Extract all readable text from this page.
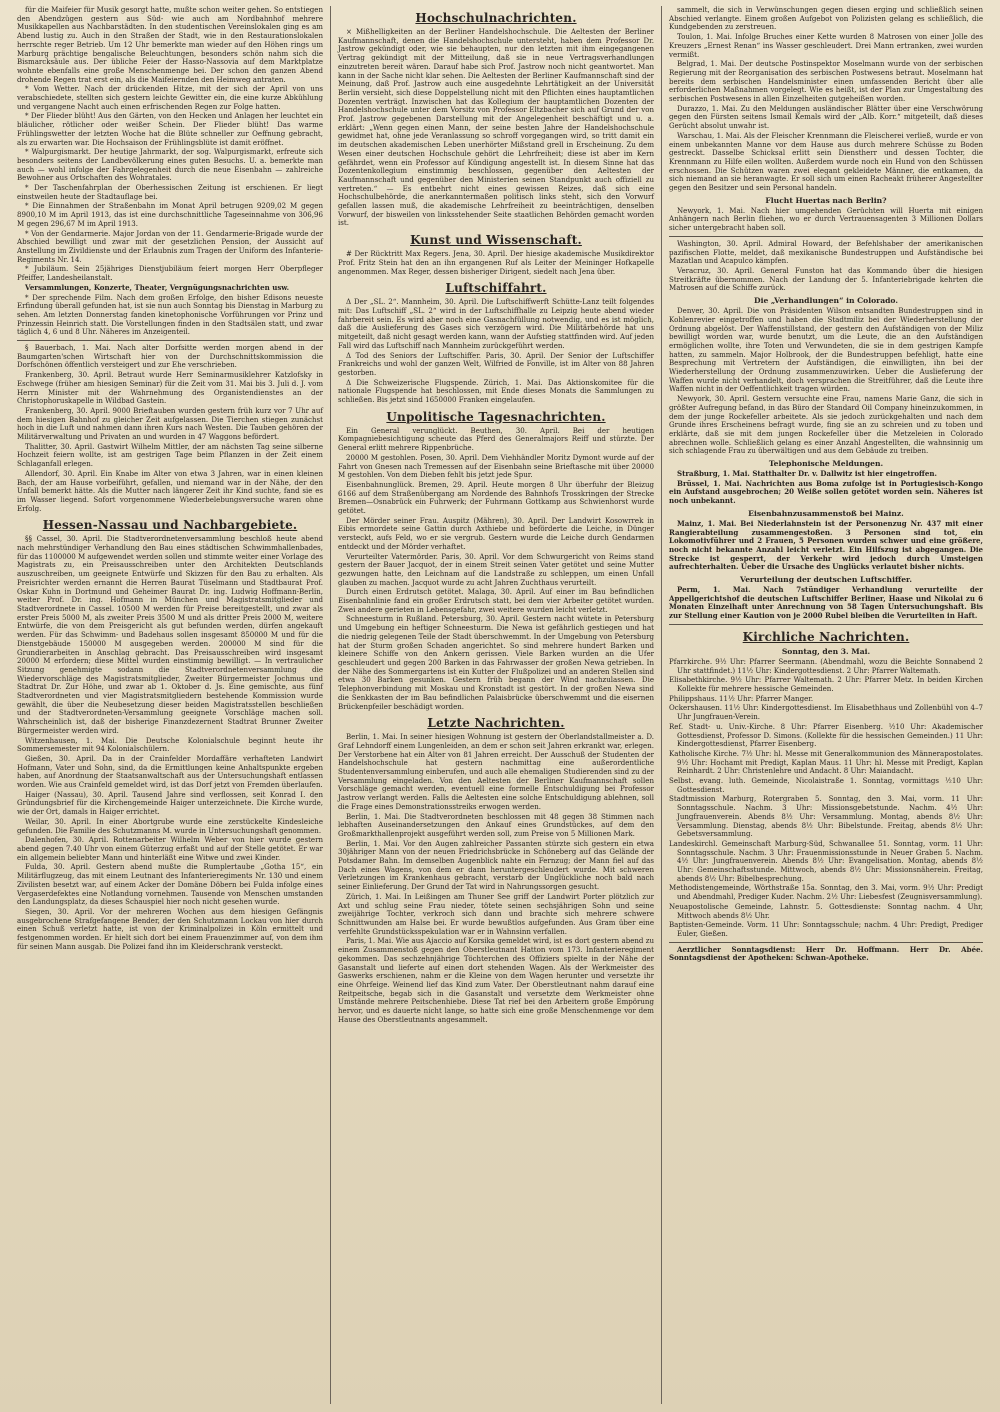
für die Maifeier für Musik gesorgt hatte, mußte schon weiter gehen. So entstiegen den Abendzügen gestern aus Süd- wie auch am Nordbahnhof mehrere Musikkapellen aus Nachbarstädten. In den studentischen Vereinslokalen ging es am Abend lustig zu. Auch in den Straßen der Stadt, wie in den Restaurationslokalen herrschte reger Betrieb. Um 12 Uhr bemerkte man wieder auf den Höhen rings um Marburg prächtige bengalische Beleuchtungen, besonders schön nahm sich die Bismarcksäule aus. Der übliche Feier der Hasso-Nassovia auf dem Marktplatze wohnte ebenfalls eine große Menschenmenge bei. Der schon den ganzen Abend drohende Regen trat erst ein, als die Maifeiernden den Heimweg antraten.

* Vom Wetter. Nach der drückenden Hitze, mit der sich der April von uns verabschiedete, stellten sich gestern leichte Gewitter ein, die eine kurze Abkühlung und vergangene Nacht auch einen erfrischenden Regen zur Folge hatten.

* Der Flieder blüht! Aus den Gärten, von den Hecken und Anlagen her leuchtet ein bläulicher, rötlicher oder weißer Schein. Der Flieder blüht! Das warme Frühlingswetter der letzten Woche hat die Blüte schneller zur Oeffnung gebracht, als zu erwarten war. Die Hochsaison der Frühlingsblüte ist damit eröffnet.

* Walpurgismarkt. Der heutige Jahrmarkt, der sog. Walpurgismarkt, erfreute sich besonders seitens der Landbevölkerung eines guten Besuchs. U. a. bemerkte man auch — wohl infolge der Fahrgelegenheit durch die neue Eisenbahn — zahlreiche Bewohner aus Ortschaften des Wohratales.

* Der Taschenfahrplan der Oberhessischen Zeitung ist erschienen. Er liegt einstweilen heute der Stadtauflage bei.

* Die Einnahmen der Straßenbahn im Monat April betrugen 9209,02 M gegen 8900,10 M im April 1913, das ist eine durchschnittliche Tageseinnahme von 306,96 M gegen 296,67 M im April 1913.

* Von der Gendarmerie. Major Jordan von der 11. Gendarmerie-Brigade wurde der Abschied bewilligt und zwar mit der gesetzlichen Pension, der Aussicht auf Anstellung im Zivildienste und der Erlaubnis zum Tragen der Uniform des Infanterie-Regiments Nr. 14.

* Jubiläum. Sein 25jähriges Dienstjubiläum feiert morgen Herr Oberpfleger Pfeiffer, Landesheilanstalt.

Versammlungen, Konzerte, Theater, Vergnügungsnachrichten usw.

* Der sprechende Film. Nach dem großen Erfolge, den bisher Edisons neueste Erfindung überall gefunden hat, ist sie nun auch Sonntag bis Dienstag in Marburg zu sehen. Am letzten Donnerstag fanden kinetophonische Vorführungen vor Prinz und Prinzessin Heinrich statt. Die Vorstellungen finden in den Stadtsälen statt, und zwar täglich 4, 6 und 8 Uhr. Näheres im Anzeigenteil.

§ Bauerbach, 1. Mai. Nach alter Dorfsitte werden morgen abend in der Baumgarten'schen Wirtschaft hier von der Durchschnittskommission die Dorfschönen öffentlich versteigert und zur Ehe verschrieben.

Frankenberg, 30. April. Betraut wurde Herr Seminarmusiklehrer Katzlofsky in Eschwege (früher am hiesigen Seminar) für die Zeit vom 31. Mai bis 3. Juli d. J. vom Herrn Minister mit der Wahrnehmung des Organistendienstes an der Christophoruskapelle in Wildbad Gastein.

Frankenberg, 30. April. 9000 Brieftauben wurden gestern früh kurz vor 7 Uhr auf dem hiesigen Bahnhof zu gleicher Zeit aufgelassen. Die Tierchen stiegen zunächst hoch in die Luft und nahmen dann ihren Kurs nach Westen. Die Tauben gehören der Militärverwaltung und Privaten an und wurden in 47 Waggons befördert.

Thalitter, 30. April. Gastwirt Wilhelm Mittler, der am nächsten Tag seine silberne Hochzeit feiern wollte, ist am gestrigen Tage beim Pflanzen in der Zeit einem Schlaganfall erlegen.

Allendorf, 30. April. Ein Knabe im Alter von etwa 3 Jahren, war in einen kleinen Bach, der am Hause vorbeiführt, gefallen, und niemand war in der Nähe, der den Unfall bemerkt hätte. Als die Mutter nach längerer Zeit ihr Kind suchte, fand sie es im Wasser liegend. Sofort vorgenommene Wiederbelebungsversuche waren ohne Erfolg.

Hessen-Nassau und Nachbargebiete.

§§ Cassel, 30. April. Die Stadtverordnetenversammlung beschloß heute abend nach mehrstündiger Verhandlung den Bau eines städtischen Schwimmhallenbades, für das 1100000 M aufgewendet werden sollen und stimmte weiter einer Vorlage des Magistrats zu, ein Preisausschreiben unter den Architekten Deutschlands auszuschreiben, um geeignete Entwürfe und Skizzen für den Bau zu erhalten. Als Preisrichter werden ernannt die Herren Baurat Tüselmann und Stadtbaurat Prof. Oskar Kuhn in Dortmund und Geheimer Baurat Dr. ing. Ludwig Hoffmann-Berlin, weiter Prof. Dr. ing. Hofmann in München und Magistratsmitglieder und Stadtverordnete in Cassel. 10500 M werden für Preise bereitgestellt, und zwar als erster Preis 5000 M, als zweiter Preis 3500 M und als dritter Preis 2000 M, weitere Entwürfe, die von dem Preisgericht als gut befunden werden, dürfen angekauft werden. Für das Schwimm- und Badehaus sollen insgesamt 850000 M und für die Dienstgebäude 150000 M ausgegeben werden. 200000 M sind für die Grundierarbeiten in Anschlag gebracht. Das Preisausschreiben wird insgesamt 20000 M erfordern; diese Mittel wurden einstimmig bewilligt. — In vertraulicher Sitzung genehmigte sodann die Stadtverordnetenversammlung die Wiedervorschläge des Magistratsmitglieder, Zweiter Bürgermeister Jochmus und Stadtrat Dr. Zur Höhe, und zwar ab 1. Oktober d. Js. Eine gemischte, aus fünf Stadtverordneten und vier Magistratsmitgliedern bestehende Kommission wurde gewählt, die über die Neubesetzung dieser beiden Magistratsstellen beschließen und der Stadtverordneten-Versammlung geeignete Vorschläge machen soll. Wahrscheinlich ist, daß der bisherige Finanzdezernent Stadtrat Brunner Zweiter Bürgermeister werden wird.

Witzenhausen, 1. Mai. Die Deutsche Kolonialschule beginnt heute ihr Sommersemester mit 94 Kolonialschülern.

Gießen, 30. April. Da in der Crainfelder Mordaffäre verhafteten Landwirt Hofmann, Vater und Sohn, sind, da die Ermittlungen keine Anhaltspunkte ergeben haben, auf Anordnung der Staatsanwaltschaft aus der Untersuchungshaft entlassen worden. Wie aus Crainfeld gemeldet wird, ist das Dorf jetzt von Fremden überlaufen.

Haiger (Nassau), 30. April. Tausend Jahre sind verflossen, seit Konrad I. den Gründungsbrief für die Kirchengemeinde Haiger unterzeichnete. Die Kirche wurde, wie der Ort, damals in Haiger errichtet.

Weilar, 30. April. In einer Abortgrube wurde eine zerstückelte Kindesleiche gefunden. Die Familie des Schutzmanns M. wurde in Untersuchungshaft genommen.

Dalenhofen, 30. April. Rottenarbeiter Wilhelm Weber von hier wurde gestern abend gegen 7.40 Uhr von einem Güterzug erfaßt und auf der Stelle getötet. Er war ein allgemein beliebter Mann und hinterläßt eine Witwe und zwei Kinder.

Fulda, 30. April. Gestern abend mußte die Rumplertaube „Gotha 15“, ein Militärflugzeug, das mit einem Leutnant des Infanterieregiments Nr. 130 und einem Zivilisten besetzt war, auf einem Acker der Domäne Döbern bei Fulda infolge eines Vergaserdefektes eine Notlandung vornehmen. Tausende von Menschen umstanden den Landungsplatz, da dieses Schauspiel hier noch nicht gesehen wurde.

Siegen, 30. April. Vor der mehreren Wochen aus dem hiesigen Gefängnis ausgebrochene Strafgefangene Bender, der den Schutzmann Lockau von hier durch einen Schuß verletzt hatte, ist von der Kriminalpolizei in Köln ermittelt und festgenommen worden. Er hielt sich dort bei einem Frauenzimmer auf, von dem ihm für seinen Mann ausgab. Die Polizei fand ihn im Kleiderschrank versteckt.

Hochschulnachrichten.

× Mißhelligkeiten an der Berliner Handelshochschule. Die Aeltesten der Berliner Kaufmannschaft, denen die Handelshochschule untersteht, haben dem Professor Dr. Jastrow gekündigt oder, wie sie behaupten, nur den letzten mit ihm eingegangenen Vertrag gekündigt mit der Mitteilung, daß sie in neue Vertragsverhandlungen einzutreten bereit wären. Darauf habe sich Prof. Jastrow noch nicht geantwortet. Man kann in der Sache nicht klar sehen. Die Aeltesten der Berliner Kaufmannschaft sind der Meinung, daß Prof. Jastrow auch eine ausgedehnte Lehrtätigkeit an der Universität Berlin versieht, sich diese Doppelstellung nicht mit den Pflichten eines hauptamtlichen Dozenten verträgt. Inzwischen hat das Kollegium der hauptamtlichen Dozenten der Handelshochschule unter dem Vorsitz von Professor Eltzbacher sich auf Grund der von Prof. Jastrow gegebenen Darstellung mit der Angelegenheit beschäftigt und u. a. erklärt: „Wenn gegen einen Mann, der seine besten Jahre der Handelshochschule gewidmet hat, ohne jede Veranlassung so schroff vorgegangen wird, so tritt damit ein im deutschen akademischen Leben unerhörter Mißstand grell in Erscheinung. Zu dem Wesen einer deutschen Hochschule gehört die Lehrfreiheit; diese ist aber im Kern gefährdet, wenn ein Professor auf Kündigung angestellt ist. In diesem Sinne hat das Dozentenkollegium einstimmig beschlossen, gegenüber den Aeltesten der Kaufmannschaft und gegenüber den Ministerien seinen Standpunkt auch offiziell zu vertreten.“ — Es entbehrt nicht eines gewissen Reizes, daß sich eine Hochschulbehörde, die anerkanntermaßen politisch links steht, sich den Vorwurf gefallen lassen muß, die akademische Lehrfreiheit zu beeinträchtigen, denselben Vorwurf, der bisweilen von linksstehender Seite staatlichen Behörden gemacht worden ist.

Kunst und Wissenschaft.

# Der Rücktritt Max Regers. Jena, 30. April. Der hiesige akademische Musikdirektor Prof. Fritz Stein hat den an ihn ergangenen Ruf als Leiter der Meininger Hofkapelle angenommen. Max Reger, dessen bisheriger Dirigent, siedelt nach Jena über.

Luftschiffahrt.

Δ Der „SL. 2“. Mannheim, 30. April. Die Luftschiffwerft Schütte-Lanz teilt folgendes mit: Das Luftschiff „SL. 2“ wird in der Luftschiffhalle zu Leipzig heute abend wieder fahrbereit sein. Es wird aber noch eine Gasnachfüllung notwendig, und es ist möglich, daß die Auslieferung des Gases sich verzögern wird. Die Militärbehörde hat uns mitgeteilt, daß nicht gesagt werden kann, wann der Aufstieg stattfinden wird. Auf jeden Fall wird das Luftschiff nach Mannheim zurückgeführt werden.

Δ Tod des Seniors der Luftschiffer. Paris, 30. April. Der Senior der Luftschiffer Frankreichs und wohl der ganzen Welt, Wilfried de Fonville, ist im Alter von 88 Jahren gestorben.

Δ Die Schweizerische Flugspende. Zürich, 1. Mai. Das Aktionskomitee für die nationale Flugspende hat beschlossen, mit Ende dieses Monats die Sammlungen zu schließen. Bis jetzt sind 1650000 Franken eingelaufen.

Unpolitische Tagesnachrichten.

Ein General verunglückt. Beuthen, 30. April. Bei der heutigen Kompagniebesichtigung scheute das Pferd des Generalmajors Reiff und stürzte. Der General erlitt mehrere Rippenbrüche.

20000 M gestohlen. Posen, 30. April. Dem Viehhändler Moritz Dymont wurde auf der Fahrt von Gnesen nach Tremessen auf der Eisenbahn seine Brieftasche mit über 20000 M gestohlen. Von dem Dieben fehlt bis jetzt jede Spur.

Eisenbahnunglück. Bremen, 29. April. Heute morgen 8 Uhr überfuhr der Bleizug 6166 auf dem Straßenübergang am Nordende des Bahnhofs Trosskringen der Strecke Bremen—Osnabrück ein Fuhrwerk; der Fuhrmann Gottkamp aus Schwienhorst wurde getötet.

Der Mörder seiner Frau. Auspitz (Mähren), 30. April. Der Landwirt Kosowrrek in Eibis ermordete seine Gattin durch Axthiebe und beförderte die Leiche, in Dünger versteckt, aufs Feld, wo er sie vergrub. Gestern wurde die Leiche durch Gendarmen entdeckt und der Mörder verhaftet.

Verurteilter Vatermörder. Paris, 30. April. Vor dem Schwurgericht von Reims stand gestern der Bauer Jacquot, der in einem Streit seinen Vater getötet und seine Mutter gezwungen hatte, den Leichnam auf die Landstraße zu schleppen, um einen Unfall glauben zu machen. Jacquot wurde zu acht Jahren Zuchthaus verurteilt.

Durch einen Erdrutsch getötet. Malaga, 30. April. Auf einer im Bau befindlichen Eisenbahnlinie fand ein großer Erdrutsch statt, bei dem vier Arbeiter getötet wurden. Zwei andere gerieten in Lebensgefahr, zwei weitere wurden leicht verletzt.

Schneesturm in Rußland. Petersburg, 30. April. Gestern nacht wütete in Petersburg und Umgebung ein heftiger Schneesturm. Die Newa ist gefährlich gestiegen und hat die niedrig gelegenen Teile der Stadt überschwemmt. In der Umgebung von Petersburg hat der Sturm großen Schaden angerichtet. So sind mehrere hundert Barken und kleinere Schiffe von den Ankern gerissen. Viele Barken wurden an die Ufer geschleudert und gegen 200 Barken in das Fahrwasser der großen Newa getrieben. In der Nähe des Sommergartens ist ein Kutter der Flußpolizei und an anderen Stellen sind etwa 30 Barken gesunken. Gestern früh begann der Wind nachzulassen. Die Telephonverbindung mit Moskau und Kronstadt ist gestört. In der großen Newa sind die Senkkasten der im Bau befindlichen Palaisbrücke überschwemmt und die eisernen Brückenpfeiler beschädigt worden.

Letzte Nachrichten.

Berlin, 1. Mai. In seiner hiesigen Wohnung ist gestern der Oberlandstallmeister a. D. Graf Lehndorff einem Lungenleiden, an dem er schon seit Jahren erkrankt war, erlegen. Der Verstorbene hat ein Alter von 81 Jahren erreicht. Der Ausschuß der Studenten der Handelshochschule hat gestern nachmittag eine außerordentliche Studentenversammlung einberufen, und auch alle ehemaligen Studierenden sind zu der Versammlung eingeladen. Von den Aeltesten der Berliner Kaufmannschaft sollen Vorschläge gemacht werden, eventuell eine formelle Entschuldigung bei Professor Jastrow verlangt werden. Falls die Aeltesten eine solche Entschuldigung ablehnen, soll die Frage eines Demonstrationsstreiks erwogen werden.

Berlin, 1. Mai. Die Stadtverordneten beschlossen mit 48 gegen 38 Stimmen nach lebhaften Auseinandersetzungen den Ankauf eines Grundstückes, auf dem den Großmarkthallenprojekt ausgeführt werden soll, zum Preise von 5 Millionen Mark.

Berlin, 1. Mai. Vor den Augen zahlreicher Passanten stürzte sich gestern ein etwa 30jähriger Mann von der neuen Friedrichsbrücke in Schöneberg auf das Gelände der Potsdamer Bahn. Im demselben Augenblick nahte ein Fernzug; der Mann fiel auf das Dach eines Wagens, von dem er dann heruntergeschleudert wurde. Mit schweren Verletzungen im Krankenhaus gebracht, verstarb der Unglückliche noch bald nach seiner Einlieferung. Der Grund der Tat wird in Nahrungssorgen gesucht.

Zürich, 1. Mai. In Leißingen am Thuner See griff der Landwirt Porter plötzlich zur Axt und schlug seine Frau nieder, tötete seinen sechsjährigen Sohn und seine zweijährige Tochter, verkroch sich dann und brachte sich mehrere schwere Schnittwunden am Halse bei. Er wurde bewußtlos aufgefunden. Aus Gram über eine verfehlte Grundstücksspekulation war er in Wahnsinn verfallen.

Paris, 1. Mai. Wie aus Ajaccio auf Korsika gemeldet wird, ist es dort gestern abend zu einem Zusammenstoß gegen den Oberstleutnant Hatton vom 173. Infanterieregiment gekommen. Das sechzehnjährige Töchterchen des Offiziers spielte in der Nähe der Gasanstalt und lieferte auf einen dort stehenden Wagen. Als der Werkmeister des Gaswerks erschienen, nahm er die Kleine von dem Wagen herunter und versetzte ihr eine Ohrfeige. Weinend lief das Kind zum Vater. Der Oberstleutnant nahm darauf eine Reitpeitsche, begab sich in die Gasanstalt und versetzte dem Werkmeister ohne Umstände mehrere Peitschenhiebe. Diese Tat rief bei den Arbeitern große Empörung hervor, und es dauerte nicht lange, so hatte sich eine große Menschenmenge vor dem Hause des Oberstleutnants angesammelt.

sammelt, die sich in Verwünschungen gegen diesen erging und schließlich seinen Abschied verlangte. Einem großen Aufgebot von Polizisten gelang es schließlich, die Kundgebenden zu zerstreuen.

Toulon, 1. Mai. Infolge Bruches einer Kette wurden 8 Matrosen von einer Jolle des Kreuzers „Ernest Renan“ ins Wasser geschleudert. Drei Mann ertranken, zwei wurden vermißt.

Belgrad, 1. Mai. Der deutsche Postinspektor Moselmann wurde von der serbischen Regierung mit der Reorganisation des serbischen Postwesens betraut. Moselmann hat bereits dem serbischen Handelsminister einen umfassenden Bericht über alle erforderlichen Maßnahmen vorgelegt. Wie es heißt, ist der Plan zur Umgestaltung des serbischen Postwesens in allen Einzelheiten gutgeheißen worden.

Durazzo, 1. Mai. Zu den Meldungen ausländischer Blätter über eine Verschwörung gegen den Fürsten seitens Ismail Kemals wird der „Alb. Korr.“ mitgeteilt, daß dieses Gerücht absolut unwahr ist.

Warschau, 1. Mai. Als der Fleischer Krennmann die Fleischerei verließ, wurde er von einem unbekannten Manne vor dem Hause aus durch mehrere Schüsse zu Boden gestreckt. Dasselbe Schicksal erlitt sein Dienstherr und dessen Tochter, die Krennmann zu Hilfe eilen wollten. Außerdem wurde noch ein Hund von den Schüssen erschossen. Die Schützen waren zwei elegant gekleidete Männer, die entkamen, da sich niemand an sie heranwagte. Er soll sich um einen Racheakt früherer Angestellter gegen den Besitzer und sein Personal handeln.

Flucht Huertas nach Berlin?

Newyork, 1. Mai. Nach hier umgehenden Gerüchten will Huerta mit einigen Anhängern nach Berlin fliehen, wo er durch Vertrauensagenten 3 Millionen Dollars sicher untergebracht haben soll.

Washington, 30. April. Admiral Howard, der Befehlshaber der amerikanischen pazifischen Flotte, meldet, daß mexikanische Bundestruppen und Aufständische bei Mazatlan und Acapulco kämpfen.

Veracruz, 30. April. General Funston hat das Kommando über die hiesigen Streitkräfte übernommen. Nach der Landung der 5. Infanteriebrigade kehrten die Matrosen auf die Schiffe zurück.

Die „Verhandlungen“ in Colorado.

Denver, 30. April. Die von Präsidenten Wilson entsandten Bundestruppen sind in Kohlenrevier eingetroffen und haben die Stadtmiliz bei der Wiederherstellung der Ordnung abgelöst. Der Waffenstillstand, der gestern den Aufständigen von der Miliz bewilligt worden war, wurde benutzt, um die Leute, die an den Aufständigen ermöglichen wollte, ihre Toten und Verwundeten, die sie in dem gestrigen Kampfe hatten, zu sammeln. Major Holbrook, der die Bundestruppen befehligt, hatte eine Besprechung mit Vertretern der Aufständigen, die einwilligten, ihn bei der Wiederherstellung der Ordnung zusammenzuwirken. Ueber die Auslieferung der Waffen wurde nicht verhandelt, doch versprachen die Streitführer, daß die Leute ihre Waffen nicht in der Oeffentlichkeit tragen würden.

Newyork, 30. April. Gestern versuchte eine Frau, namens Marie Ganz, die sich in größter Aufregung befand, in das Büro der Standard Oil Company hineinzukommen, in dem der junge Rockefeller arbeitete. Als sie jedoch zurückgehalten und nach dem Grunde ihres Erscheinens befragt wurde, fing sie an zu schreien und zu toben und erklärte, daß sie mit dem jungen Rockefeller über die Metzeleien in Colorado abrechnen wolle. Schließlich gelang es einer Anzahl Angestellten, die wahnsinnig um sich schlagende Frau zu überwältigen und aus dem Gebäude zu treiben.

Telephonische Meldungen.

Straßburg, 1. Mai. Statthalter Dr. v. Dallwitz ist hier eingetroffen.

Brüssel, 1. Mai. Nachrichten aus Boma zufolge ist in Portugiesisch-Kongo ein Aufstand ausgebrochen; 20 Weiße sollen getötet worden sein. Näheres ist noch unbekannt.

Eisenbahnzusammenstoß bei Mainz.

Mainz, 1. Mai. Bei Niederlahnstein ist der Personenzug Nr. 437 mit einer Rangierabteilung zusammengestoßen. 3 Personen sind tot, ein Lokomotivführer und 2 Frauen, 5 Personen wurden schwer und eine größere, noch nicht bekannte Anzahl leicht verletzt. Ein Hilfszug ist abgegangen. Die Strecke ist gesperrt, der Verkehr wird jedoch durch Umsteigen aufrechterhalten. Ueber die Ursache des Unglücks verlautet bisher nichts.

Verurteilung der deutschen Luftschiffer.

Perm, 1. Mai. Nach 7stündiger Verhandlung verurteilte der Appellgerichtshof die deutschen Luftschiffer Berliner, Haase und Nikolai zu 6 Monaten Einzelhaft unter Anrechnung von 58 Tagen Untersuchungshaft. Bis zur Stellung einer Kaution von je 2000 Rubel bleiben die Verurteilten in Haft.

Kirchliche Nachrichten.
Sonntag, den 3. Mai.

Pfarrkirche. 9½ Uhr: Pfarrer Seermann. (Abendmahl, wozu die Beichte Sonnabend 2 Uhr stattfindet.) 11½ Uhr: Kindergottesdienst. 2 Uhr: Pfarrer Waltemath.

Elisabethkirche. 9½ Uhr: Pfarrer Waltemath. 2 Uhr: Pfarrer Metz. In beiden Kirchen Kollekte für mehrere hessische Gemeinden.

Philippshaus. 11½ Uhr: Pfarrer Manger.

Ockershausen. 11½ Uhr: Kindergottesdienst. Im Elisabethhaus und Zollenbühl von 4–7 Uhr Jungfrauen-Verein.

Ref. Stadt- u. Univ.-Kirche. 8 Uhr: Pfarrer Eisenberg. ½10 Uhr: Akademischer Gottesdienst, Professor D. Simons. (Kollekte für die hessischen Gemeinden.) 11 Uhr: Kindergottesdienst, Pfarrer Eisenberg.

Katholische Kirche. 7½ Uhr: hl. Messe mit Generalkommunion des Männerapostolates. 9½ Uhr: Hochamt mit Predigt, Kaplan Maus. 11 Uhr: hl. Messe mit Predigt, Kaplan Reinhardt. 2 Uhr: Christenlehre und Andacht. 8 Uhr: Maiandacht.

Selbst. evang. luth. Gemeinde, Nicolaistraße 1. Sonntag, vormittags ½10 Uhr: Gottesdienst.

Stadtmission Marburg, Rotergraben 5. Sonntag, den 3. Mai, vorm. 11 Uhr: Sonntagsschule. Nachm. 3 Uhr: Missionsgebetstunde. Nachm. 4½ Uhr: Jungfrauenverein. Abends 8½ Uhr: Versammlung. Montag, abends 8½ Uhr: Versammlung. Dienstag, abends 8½ Uhr: Bibelstunde. Freitag, abends 8½ Uhr: Gebetsversammlung.

Landeskirchl. Gemeinschaft Marburg-Süd, Schwanallee 51. Sonntag, vorm. 11 Uhr: Sonntagsschule. Nachm. 3 Uhr: Frauenmissionsstunde in Neuer Graben 5. Nachm. 4½ Uhr: Jungfrauenverein. Abends 8½ Uhr: Evangelisation. Montag, abends 8½ Uhr: Gemeinschaftsstunde. Mittwoch, abends 8½ Uhr: Missionsnäherein. Freitag, abends 8½ Uhr: Bibelbesprechung.

Methodistengemeinde, Wörthstraße 15a. Sonntag, den 3. Mai, vorm. 9½ Uhr: Predigt und Abendmahl, Prediger Kuder. Nachm. 2½ Uhr: Liebesfest (Zeugnisversammlung).

Neuapostolische Gemeinde, Lahnstr. 5. Gottesdienste: Sonntag nachm. 4 Uhr, Mittwoch abends 8½ Uhr.

Baptisten-Gemeinde. Vorm. 11 Uhr: Sonntagsschule; nachm. 4 Uhr: Predigt, Prediger Euler, Gießen.

Aerztlicher Sonntagsdienst: Herr Dr. Hoffmann. Herr Dr. Abée. Sonntagsdienst der Apotheken: Schwan-Apotheke.
